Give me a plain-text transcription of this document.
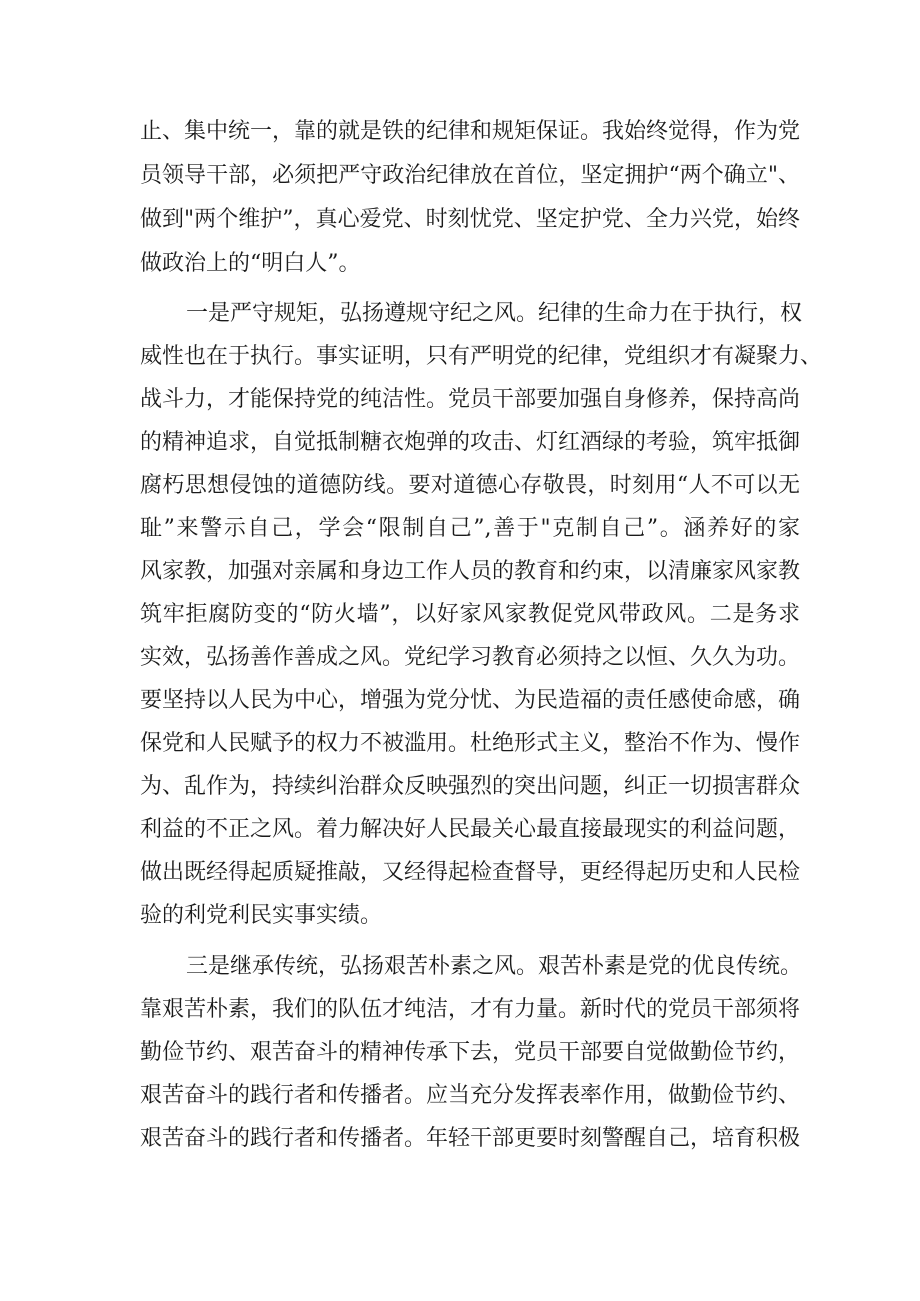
止、集中统一，靠的就是铁的纪律和规矩保证。我始终觉得，作为党
员领导干部，必须把严守政治纪律放在首位，坚定拥护“两个确立"、
做到"两个维护”，真心爱党、时刻忧党、坚定护党、全力兴党，始终
做政治上的“明白人”。
一是严守规矩，弘扬遵规守纪之风。纪律的生命力在于执行，权
威性也在于执行。事实证明，只有严明党的纪律，党组织才有凝聚力、
战斗力，才能保持党的纯洁性。党员干部要加强自身修养，保持高尚
的精神追求，自觉抵制糖衣炮弹的攻击、灯红酒绿的考验，筑牢抵御
腐朽思想侵蚀的道德防线。要对道德心存敬畏，时刻用“人不可以无
耻”来警示自己，学会“限制自己”,善于"克制自己”。涵养好的家
风家教，加强对亲属和身边工作人员的教育和约束，以清廉家风家教
筑牢拒腐防变的“防火墙”，以好家风家教促党风带政风。二是务求
实效，弘扬善作善成之风。党纪学习教育必须持之以恒、久久为功。
要坚持以人民为中心，增强为党分忧、为民造福的责任感使命感，确
保党和人民赋予的权力不被滥用。杜绝形式主义，整治不作为、慢作
为、乱作为，持续纠治群众反映强烈的突出问题，纠正一切损害群众
利益的不正之风。着力解决好人民最关心最直接最现实的利益问题，
做出既经得起质疑推敲，又经得起检查督导，更经得起历史和人民检
验的利党利民实事实绩。
三是继承传统，弘扬艰苦朴素之风。艰苦朴素是党的优良传统。
靠艰苦朴素，我们的队伍才纯洁，才有力量。新时代的党员干部须将
勤俭节约、艰苦奋斗的精神传承下去，党员干部要自觉做勤俭节约，
艰苦奋斗的践行者和传播者。应当充分发挥表率作用，做勤俭节约、
艰苦奋斗的践行者和传播者。年轻干部更要时刻警醒自己，培育积极
